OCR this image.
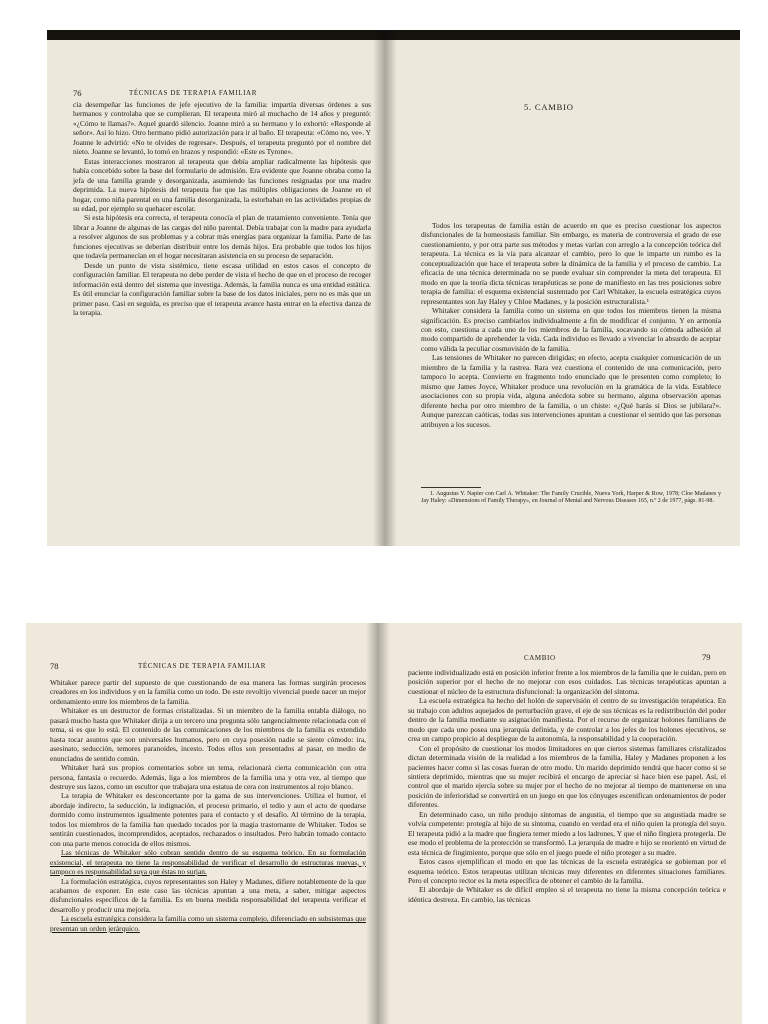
76	TÉCNICAS DE TERAPIA FAMILIAR

cía desempeñar las funciones de jefe ejecutivo de la familia: impartía diversas órdenes a sus hermanos y controlaba que se cumplieran. El terapeuta miró al muchacho de 14 años y preguntó: «¿Cómo te llamas?». Aquel guardó silencio. Joanne miró a su hermano y lo exhortó: «Responde al señor». Así lo hizo. Otro hermano pidió autorización para ir al baño. El terapeuta: «Cómo no, ve». Y Joanne le advirtió: «No te olvides de regresar». Después, el terapeuta preguntó por el nombre del nieto. Joanne se levantó, lo tomó en brazos y respondió: «Este es Tyrone».

Estas interacciones mostraron al terapeuta que debía ampliar radicalmente las hipótesis que había concebido sobre la base del formulario de admisión. Era evidente que Joanne obraba como la jefa de una familia grande y desorganizada, asumiendo las funciones resignadas por una madre deprimida. La nueva hipótesis del terapeuta fue que las múltiples obligaciones de Joanne en el hogar, como niña parental en una familia desorganizada, la estorbaban en las actividades propias de su edad, por ejemplo su quehacer escolar.

Si esta hipótesis era correcta, el terapeuta conocía el plan de tratamiento conveniente. Tenía que librar a Joanne de algunas de las cargas del niño parental. Debía trabajar con la madre para ayudarla a resolver algunos de sus problemas y a cobrar más energías para organizar la familia. Parte de las funciones ejecutivas se deberían distribuir entre los demás hijos. Era probable que todos los hijos que todavía permanecían en el hogar necesitaran asistencia en su proceso de separación.

Desde un punto de vista sistémico, tiene escasa utilidad en estos casos el concepto de configuración familiar. El terapeuta no debe perder de vista el hecho de que en el proceso de recoger información está dentro del sistema que investiga. Además, la familia nunca es una entidad estática. Es útil enunciar la configuración familiar sobre la base de los datos iniciales, pero no es más que un primer paso. Casi en seguida, es preciso que el terapeuta avance hasta entrar en la efectiva danza de la terapia.

5. CAMBIO

Todos los terapeutas de familia están de acuerdo en que es preciso cuestionar los aspectos disfuncionales de la homeostasis familiar. Sin embargo, es materia de controversia el grado de ese cuestionamiento, y por otra parte sus métodos y metas varían con arreglo a la concepción teórica del terapeuta. La técnica es la vía para alcanzar el cambio, pero lo que le imparte un rumbo es la conceptualización que hace el terapeuta sobre la dinámica de la familia y el proceso de cambio. La eficacia de una técnica determinada no se puede evaluar sin comprender la meta del terapeuta. El modo en que la teoría dicta técnicas terapéuticas se pone de manifiesto en las tres posiciones sobre terapia de familia: el esquema existencial sustentado por Carl Whitaker, la escuela estratégica cuyos representantes son Jay Haley y Chloe Madanes, y la posición estructuralista.¹

Whitaker considera la familia como un sistema en que todos los miembros tienen la misma significación. Es preciso cambiarlos individualmente a fin de modificar el conjunto. Y en armonía con esto, cuestiona a cada uno de los miembros de la familia, socavando su cómoda adhesión al modo compartido de aprehender la vida. Cada individuo es llevado a vivenciar lo absurdo de aceptar como válida la peculiar cosmovisión de la familia.

Las tensiones de Whitaker no parecen dirigidas; en efecto, acepta cualquier comunicación de un miembro de la familia y la rastrea. Rara vez cuestiona el contenido de una comunicación, pero tampoco lo acepta. Convierte en fragmento todo enunciado que le presenten como completo; lo mismo que James Joyce, Whitaker produce una revolución en la gramática de la vida. Establece asociaciones con su propia vida, alguna anécdota sobre su hermano, alguna observación apenas diferente hecha por otro miembro de la familia, o un chiste: «¿Qué harás si Dios se jubilara?». Aunque parezcan caóticas, todas sus intervenciones apuntan a cuestionar el sentido que las personas atribuyen a los sucesos.

1. Augustus Y. Napier con Carl A. Whitaker: The Family Crucible, Nueva York, Harper & Row, 1978; Cloe Madanes y Jay Haley: «Dimensions of Family Therapy», en Journal of Mental and Nervous Diseases 165, n.º 2 de 1977, págs. 81-98.

78	TÉCNICAS DE TERAPIA FAMILIAR

Whitaker parece partir del supuesto de que cuestionando de esa manera las formas surgirán procesos creadores en los individuos y en la familia como un todo. De este revoltijo vivencial puede nacer un mejor ordenamiento entre los miembros de la familia.

Whitaker es un destructor de formas cristalizadas. Si un miembro de la familia entabla diálogo, no pasará mucho hasta que Whitaker dirija a un tercero una pregunta sólo tangencialmente relacionada con el tema, si es que lo está. El contenido de las comunicaciones de los miembros de la familia es extendido hasta tocar asuntos que son universales humanos, pero en cuya posesión nadie se siente cómodo: ira, asesinato, seducción, temores paranoides, incesto. Todos ellos son presentados al pasar, en medio de enunciados de sentido común.

Whitaker hará sus propios comentarios sobre un tema, relacionará cierta comunicación con otra persona, fantasía o recuerdo. Además, liga a los miembros de la familia una y otra vez, al tiempo que destruye sus lazos, como un escultor que trabajara una estatua de cera con instrumentos al rojo blanco.

La terapia de Whitaker es desconcertante por la gama de sus intervenciones. Utiliza el humor, el abordaje indirecto, la seducción, la indignación, el proceso primario, el tedio y aun el acto de quedarse dormido como instrumentos igualmente potentes para el contacto y el desafío. Al término de la terapia, todos los miembros de la familia han quedado tocados por la magia trastornante de Whitaker. Todos se sentirán cuestionados, incomprendidos, aceptados, rechazados o insultados. Pero habrán tomado contacto con una parte menos conocida de ellos mismos.

Las técnicas de Whitaker sólo cobran sentido dentro de su esquema teórico. En su formulación existencial, el terapeuta no tiene la responsabilidad de verificar el desarrollo de estructuras nuevas, y tampoco es responsabilidad suya que éstas no surjan.

La formulación estratégica, cuyos representantes son Haley y Madanes, difiere notablemente de la que acabamos de exponer. En este caso las técnicas apuntan a una meta, a saber, mitigar aspectos disfuncionales específicos de la familia. Es en buena medida responsabilidad del terapeuta verificar el desarrollo y producir una mejoría.

La escuela estratégica considera la familia como un sistema complejo, diferenciado en subsistemas que presentan un orden jerárquico.

CAMBIO	79

paciente individualizado está en posición inferior frente a los miembros de la familia que le cuidan, pero en posición superior por el hecho de no mejorar con esos cuidados. Las técnicas terapéuticas apuntan a cuestionar el núcleo de la estructura disfuncional: la organización del síntoma.

La escuela estratégica ha hecho del holón de supervisión el centro de su investigación terapéutica. En su trabajo con adultos aquejados de perturbación grave, el eje de sus técnicas es la redistribución del poder dentro de la familia mediante su asignación manifiesta. Por el recurso de organizar holones familiares de modo que cada uno posea una jerarquía definida, y de controlar a los jefes de los holones ejecutivos, se crea un campo propicio al despliegue de la autonomía, la responsabilidad y la cooperación.

Con el propósito de cuestionar los modos limitadores en que ciertos sistemas familiares cristalizados dictan determinada visión de la realidad a los miembros de la familia, Haley y Madanes proponen a los pacientes hacer como si las cosas fueran de otro modo. Un marido deprimido tendrá que hacer como si se sintiera deprimido, mientras que su mujer recibirá el encargo de apreciar si hace bien ese papel. Así, el control que el marido ejercía sobre su mujer por el hecho de no mejorar al tiempo de mantenerse en una posición de inferioridad se convertirá en un juego en que los cónyuges escenifican ordenamientos de poder diferentes.

En determinado caso, un niño produjo síntomas de angustia, el tiempo que su angustiada madre se volvía competente: protegía al hijo de su síntoma, cuando en verdad era el niño quien la protegía del suyo. El terapeuta pidió a la madre que fingiera temer miedo a los ladrones, Y que el niño fingiera protegerla. De ese modo el problema de la protección se transformó. La jerarquía de madre e hijo se reorientó en virtud de esta técnica de fingimiento, porque que sólo en el juego puede el niño proteger a su madre.

Estos casos ejemplifican el modo en que las técnicas de la escuela estratégica se gobiernan por el esquema teórico. Estos terapeutas utilizan técnicas muy diferentes en diferentes situaciones familiares. Pero el concepto rector es la meta específica de obtener el cambio de la familia.

El abordaje de Whitaker es de difícil empleo si el terapeuta no tiene la misma concepción teórica e idéntica destreza. En cambio, las técnicas
